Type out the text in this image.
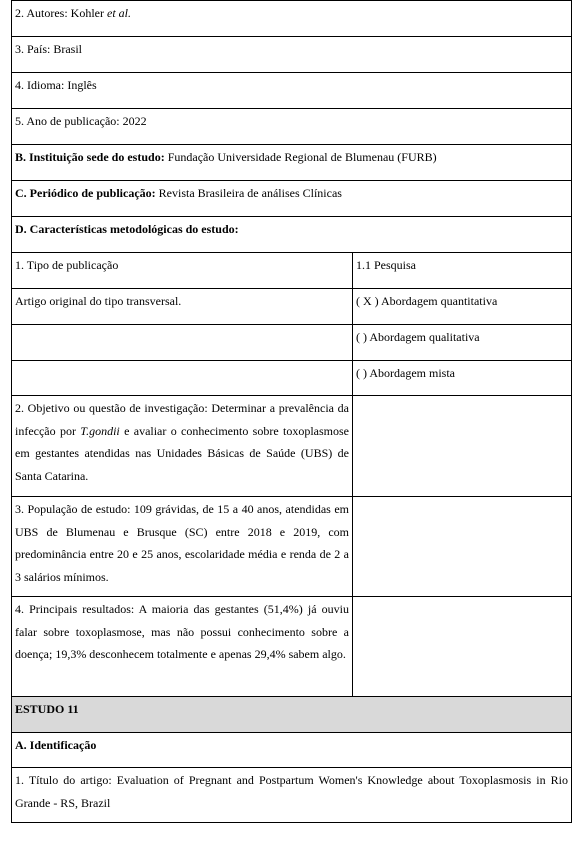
2. Autores: Kohler et al.	
3. País: Brasil	
4. Idioma: Inglês	
5. Ano de publicação: 2022	
B. Instituição sede do estudo: Fundação Universidade Regional de Blumenau (FURB)	
C. Periódico de publicação: Revista Brasileira de análises Clínicas	
D. Características metodológicas do estudo:	
1. Tipo de publicação	1.1 Pesquisa
Artigo original do tipo transversal.	( X ) Abordagem quantitativa
	( ) Abordagem qualitativa
	( ) Abordagem mista
2. Objetivo ou questão de investigação: Determinar a prevalência da infecção por T.gondii e avaliar o conhecimento sobre toxoplasmose em gestantes atendidas nas Unidades Básicas de Saúde (UBS) de Santa Catarina.	
3. População de estudo: 109 grávidas, de 15 a 40 anos, atendidas em UBS de Blumenau e Brusque (SC) entre 2018 e 2019, com predominância entre 20 e 25 anos, escolaridade média e renda de 2 a 3 salários mínimos.	
4. Principais resultados: A maioria das gestantes (51,4%) já ouviu falar sobre toxoplasmose, mas não possui conhecimento sobre a doença; 19,3% desconhecem totalmente e apenas 29,4% sabem algo.	
ESTUDO 11	
A. Identificação	
1. Título do artigo: Evaluation of Pregnant and Postpartum Women's Knowledge about Toxoplasmosis in Rio Grande - RS, Brazil	
